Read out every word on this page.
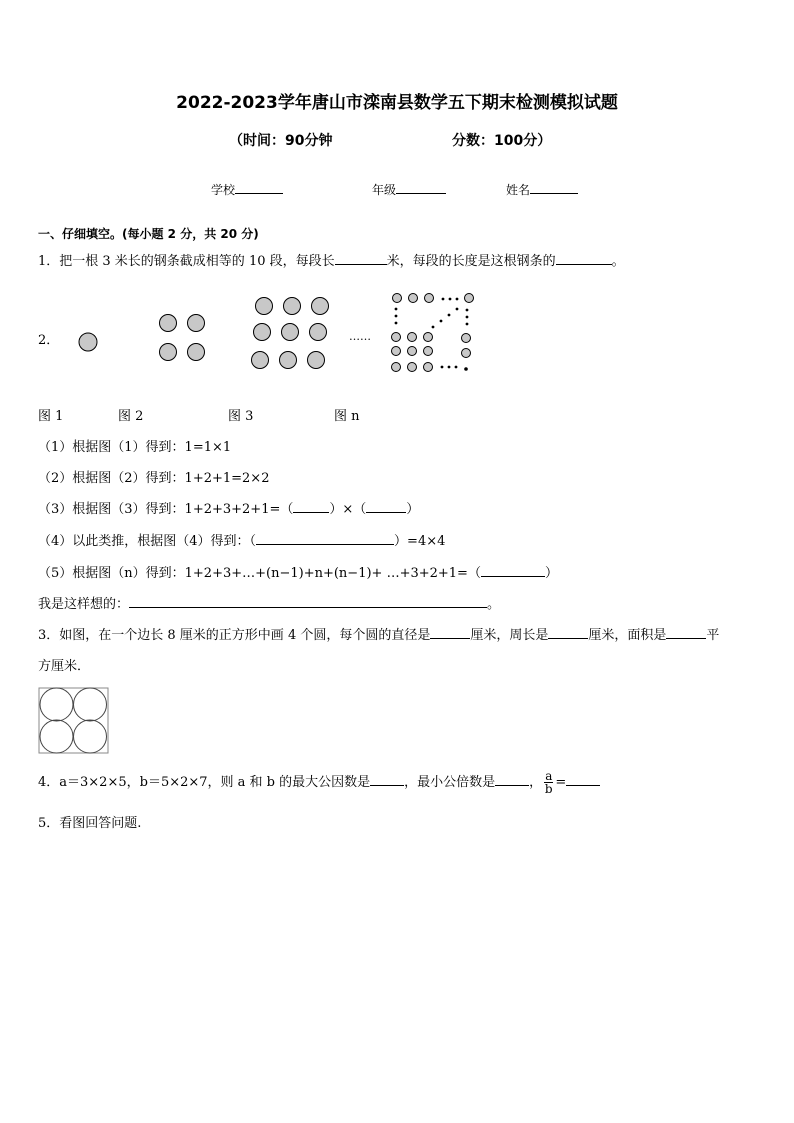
2022-2023学年唐山市滦南县数学五下期末检测模拟试题
（时间：90分钟	分数：100分）
学校	年级	姓名
一、仔细填空。(每小题 2 分，共 20 分)
1．把一根 3 米长的钢条截成相等的 10 段，每段长	米，每段的长度是这根钢条的	。
2．	……
图 1	图 2	图 3	图 n
（1）根据图（1）得到：1=1×1
（2）根据图（2）得到：1+2+1=2×2
（3）根据图（3）得到：1+2+3+2+1=（	）×（	）
（4）以此类推，根据图（4）得到：（	）=4×4
（5）根据图（n）得到：1+2+3+…+(n−1)+n+(n−1)+ …+3+2+1=（	）
我是这样想的：	。
3．如图，在一个边长 8 厘米的正方形中画 4 个圆，每个圆的直径是	厘米，周长是	厘米，面积是	平
方厘米．
4．a＝3×2×5，b＝5×2×7，则 a 和 b 的最大公因数是	，最小公倍数是	， $\frac{a}{b}$ =
5．看图回答问题.
